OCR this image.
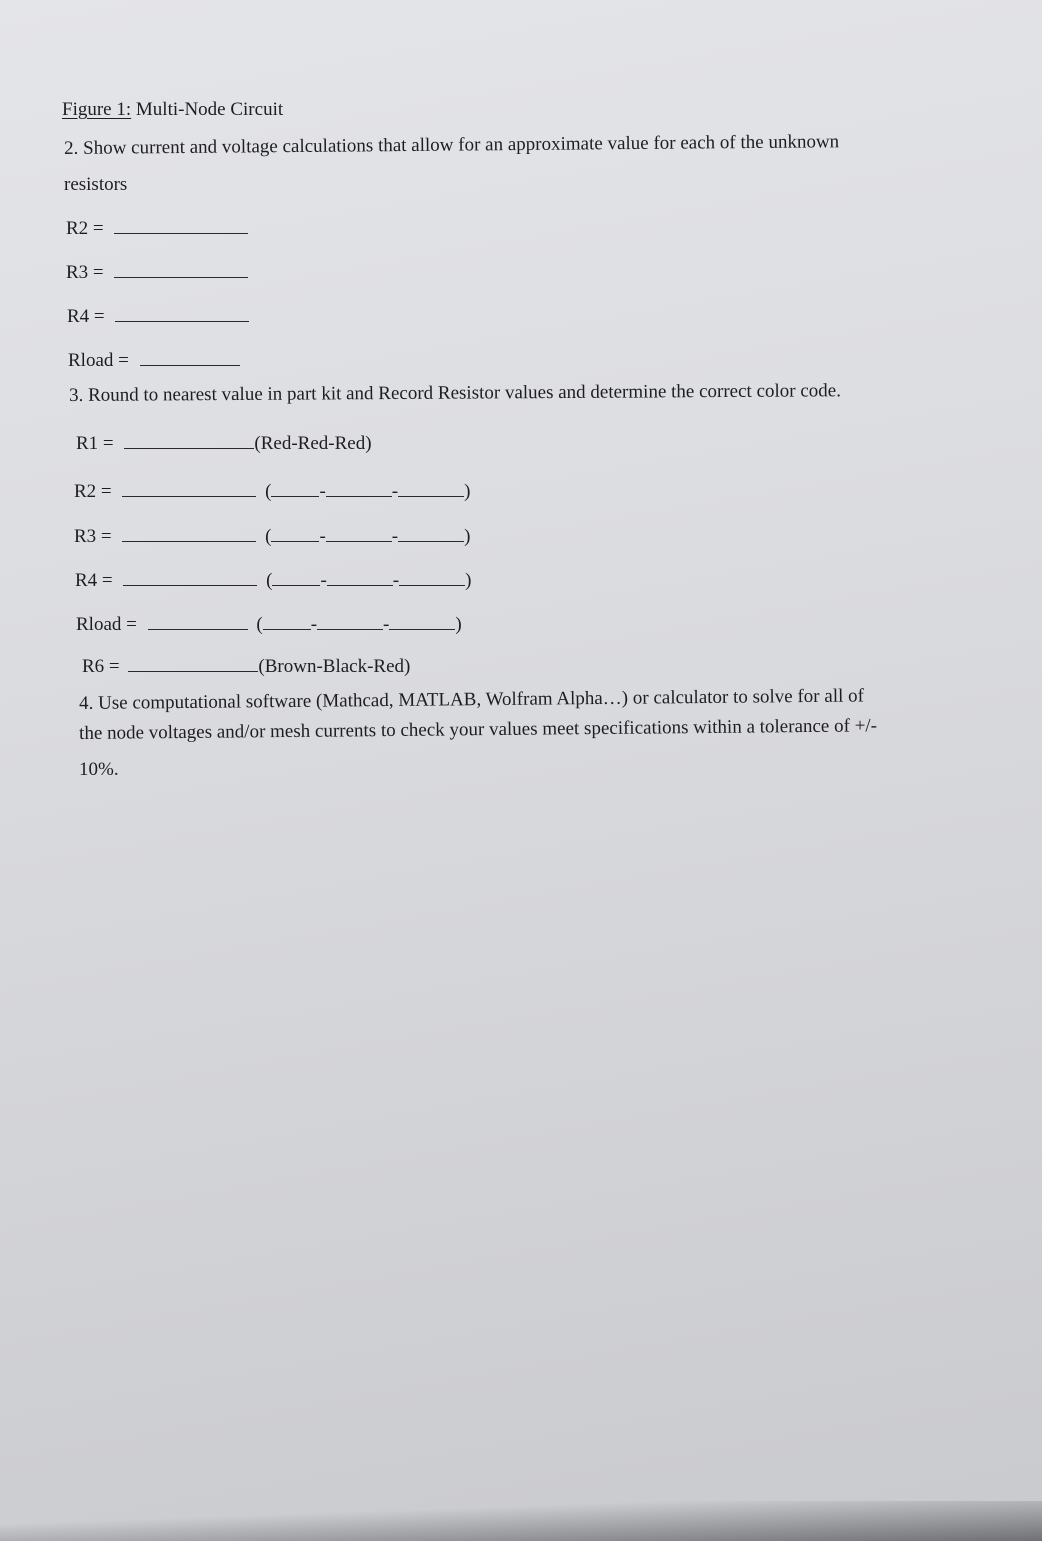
Figure 1: Multi-Node Circuit
2. Show current and voltage calculations that allow for an approximate value for each of the unknown
resistors
R2 =
R3 =
R4 =
Rload =
3. Round to nearest value in part kit and Record Resistor values and determine the correct color code.
R1 =	(Red-Red-Red)
R2 =	(	-	-	)
R3 =	(	-	-	)
R4 =	(	-	-	)
Rload =	(	-	-	)
R6 =	(Brown-Black-Red)
4. Use computational software (Mathcad, MATLAB, Wolfram Alpha…) or calculator to solve for all of
the node voltages and/or mesh currents to check your values meet specifications within a tolerance of +/-
10%.
